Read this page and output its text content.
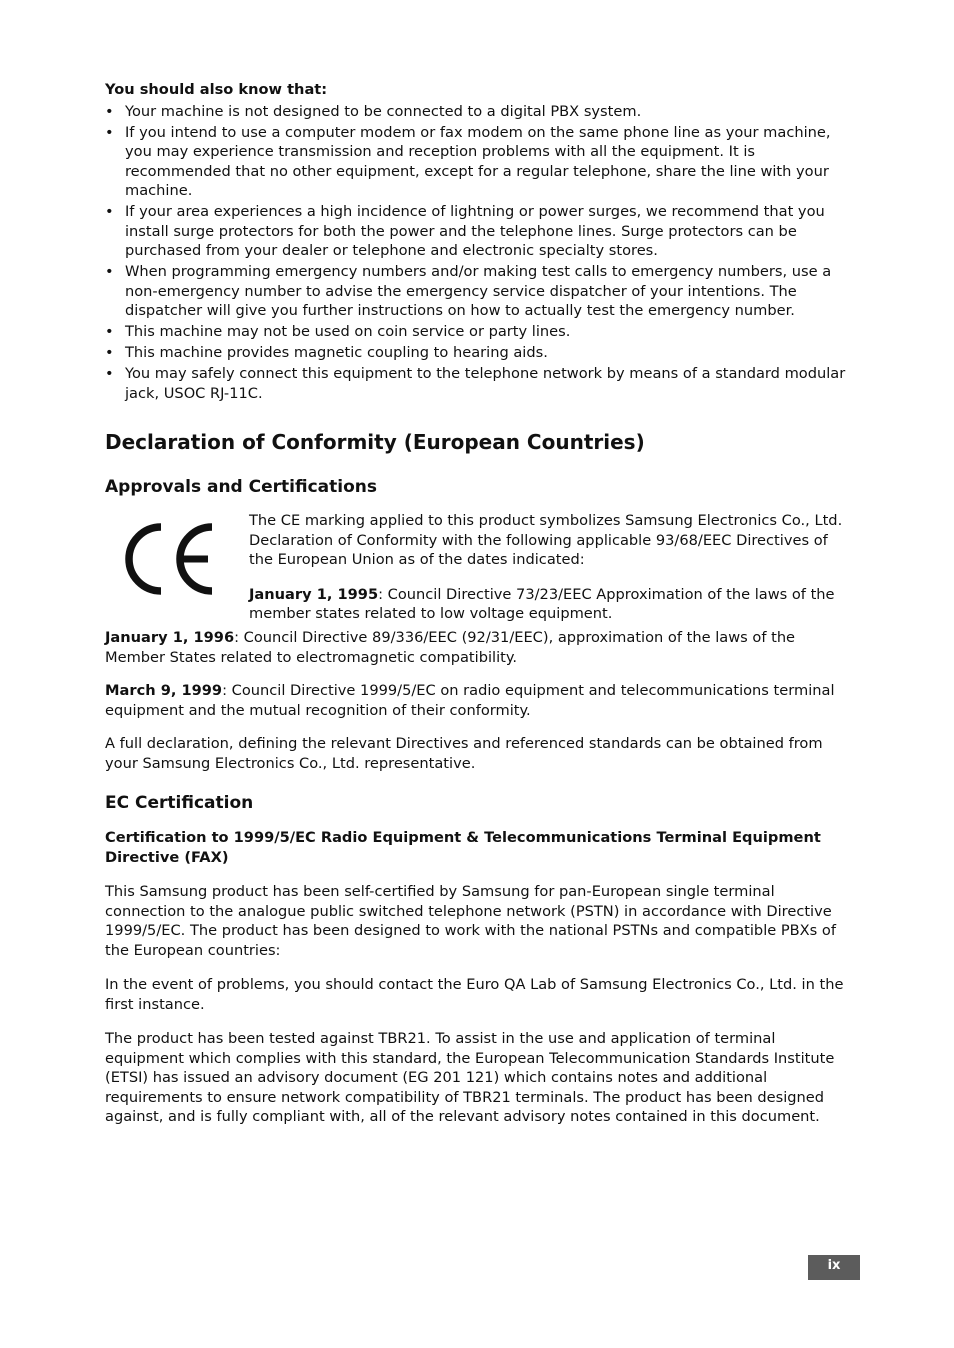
You should also know that:

• Your machine is not designed to be connected to a digital PBX system.
• If you intend to use a computer modem or fax modem on the same phone line as your machine, you may experience transmission and reception problems with all the equipment. It is recommended that no other equipment, except for a regular telephone, share the line with your machine.
• If your area experiences a high incidence of lightning or power surges, we recommend that you install surge protectors for both the power and the telephone lines. Surge protectors can be purchased from your dealer or telephone and electronic specialty stores.
• When programming emergency numbers and/or making test calls to emergency numbers, use a non-emergency number to advise the emergency service dispatcher of your intentions. The dispatcher will give you further instructions on how to actually test the emergency number.
• This machine may not be used on coin service or party lines.
• This machine provides magnetic coupling to hearing aids.
• You may safely connect this equipment to the telephone network by means of a standard modular jack, USOC RJ-11C.
Declaration of Conformity (European Countries)
Approvals and Certifications

The CE marking applied to this product symbolizes Samsung Electronics Co., Ltd. Declaration of Conformity with the following applicable 93/68/EEC Directives of the European Union as of the dates indicated:

January 1, 1995: Council Directive 73/23/EEC Approximation of the laws of the member states related to low voltage equipment.

January 1, 1996: Council Directive 89/336/EEC (92/31/EEC), approximation of the laws of the Member States related to electromagnetic compatibility.

March 9, 1999: Council Directive 1999/5/EC on radio equipment and telecommunications terminal equipment and the mutual recognition of their conformity.

A full declaration, defining the relevant Directives and referenced standards can be obtained from your Samsung Electronics Co., Ltd. representative.

EC Certification

Certification to 1999/5/EC Radio Equipment & Telecommunications Terminal Equipment Directive (FAX)

This Samsung product has been self-certified by Samsung for pan-European single terminal connection to the analogue public switched telephone network (PSTN) in accordance with Directive 1999/5/EC. The product has been designed to work with the national PSTNs and compatible PBXs of the European countries:

In the event of problems, you should contact the Euro QA Lab of Samsung Electronics Co., Ltd. in the first instance.

The product has been tested against TBR21. To assist in the use and application of terminal equipment which complies with this standard, the European Telecommunication Standards Institute (ETSI) has issued an advisory document (EG 201 121) which contains notes and additional requirements to ensure network compatibility of TBR21 terminals. The product has been designed against, and is fully compliant with, all of the relevant advisory notes contained in this document.

ix
